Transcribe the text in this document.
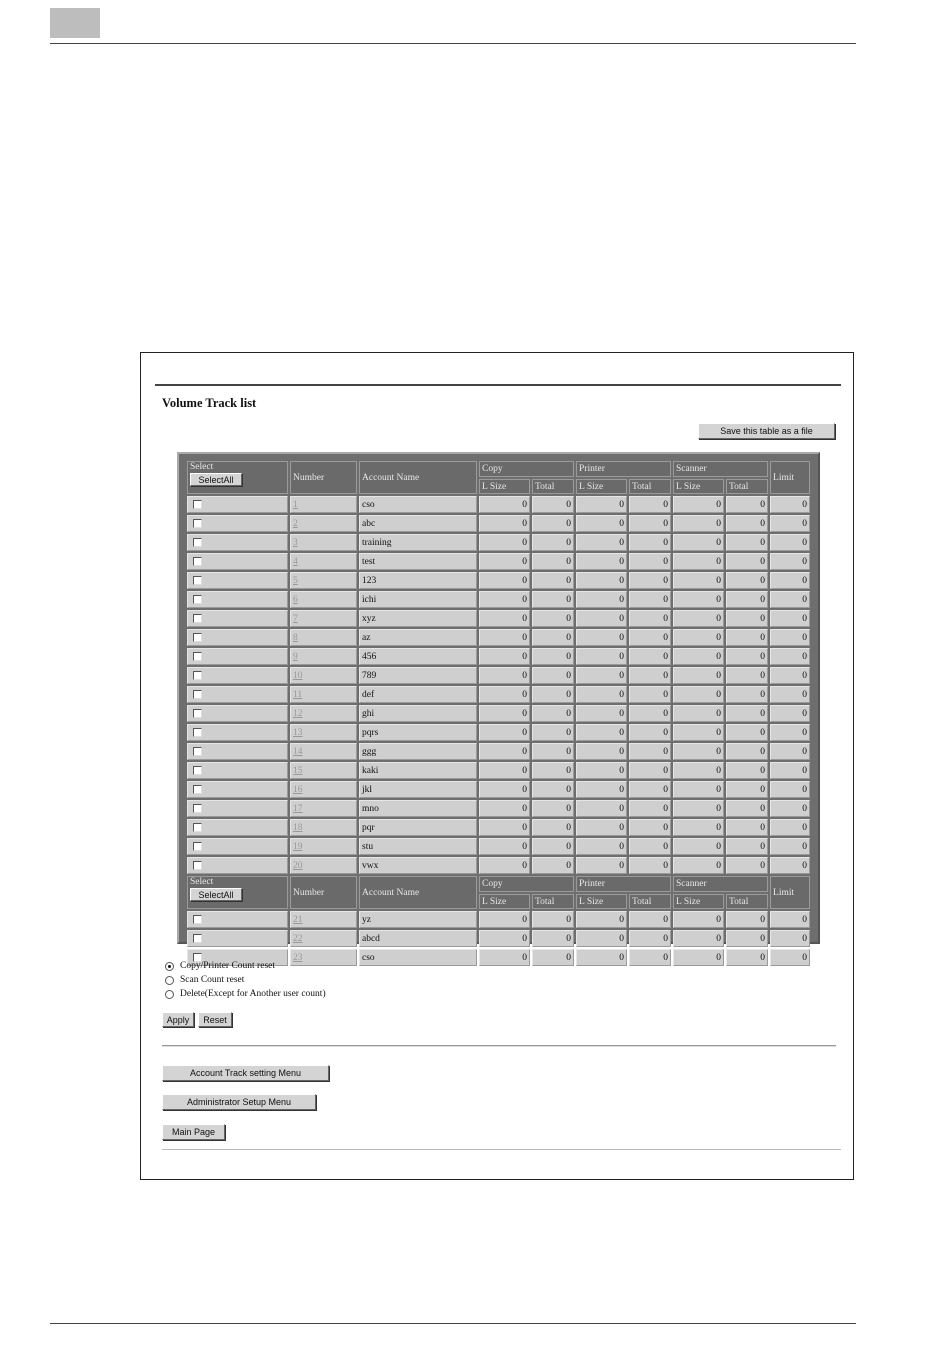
Volume Track list
Save this table as a file
Select
SelectAll	Number	Account Name	Copy		Printer		Scanner		Limit
			L Size	Total	L Size	Total	L Size	Total	
	1	cso	0	0	0	0	0	0	0
	2	abc	0	0	0	0	0	0	0
	3	training	0	0	0	0	0	0	0
	4	test	0	0	0	0	0	0	0
	5	123	0	0	0	0	0	0	0
	6	ichi	0	0	0	0	0	0	0
	7	xyz	0	0	0	0	0	0	0
	8	az	0	0	0	0	0	0	0
	9	456	0	0	0	0	0	0	0
	10	789	0	0	0	0	0	0	0
	11	def	0	0	0	0	0	0	0
	12	ghi	0	0	0	0	0	0	0
	13	pqrs	0	0	0	0	0	0	0
	14	ggg	0	0	0	0	0	0	0
	15	kaki	0	0	0	0	0	0	0
	16	jkl	0	0	0	0	0	0	0
	17	mno	0	0	0	0	0	0	0
	18	pqr	0	0	0	0	0	0	0
	19	stu	0	0	0	0	0	0	0
	20	vwx	0	0	0	0	0	0	0

Select
SelectAll	Number	Account Name	Copy		Printer		Scanner		Limit
			L Size	Total	L Size	Total	L Size	Total	
	21	yz	0	0	0	0	0	0	0
	22	abcd	0	0	0	0	0	0	0
	23	cso	0	0	0	0	0	0	0
Copy/Printer Count reset
Scan Count reset
Delete(Except for Another user count)
Apply	Reset
Account Track setting Menu
Administrator Setup Menu
Main Page
